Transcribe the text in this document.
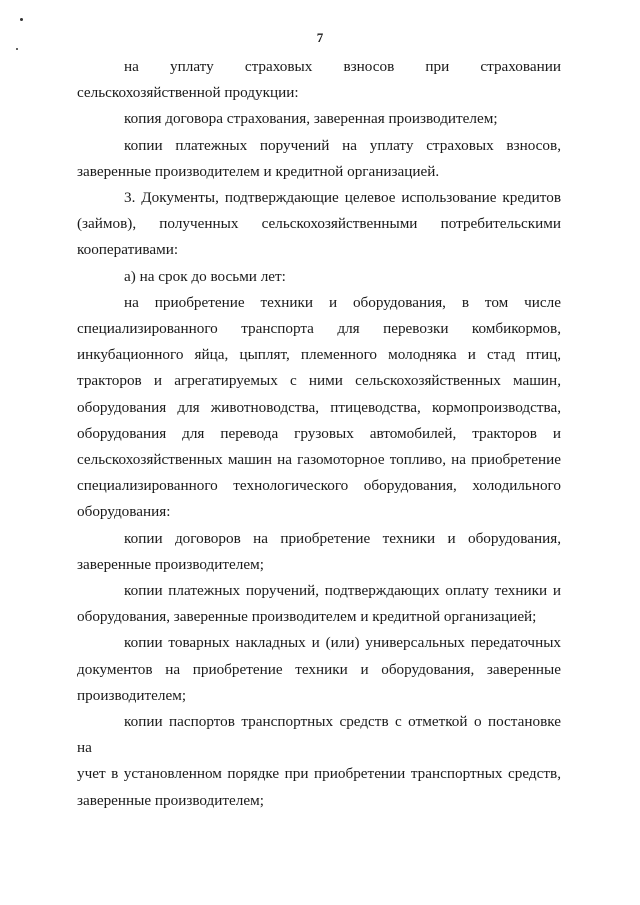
7
на уплату страховых взносов при страховании
сельскохозяйственной продукции:
копия договора страхования, заверенная производителем;
копии платежных поручений на уплату страховых взносов,
заверенные производителем и кредитной организацией.
3. Документы, подтверждающие целевое использование кредитов
(займов), полученных сельскохозяйственными потребительскими
кооперативами:
а) на срок до восьми лет:
на приобретение техники и оборудования, в том числе
специализированного транспорта для перевозки комбикормов,
инкубационного яйца, цыплят, племенного молодняка и стад птиц,
тракторов и агрегатируемых с ними сельскохозяйственных машин,
оборудования для животноводства, птицеводства, кормопроизводства,
оборудования для перевода грузовых автомобилей, тракторов и
сельскохозяйственных машин на газомоторное топливо, на приобретение
специализированного технологического оборудования, холодильного
оборудования:
копии договоров на приобретение техники и оборудования,
заверенные производителем;
копии платежных поручений, подтверждающих оплату техники и
оборудования, заверенные производителем и кредитной организацией;
копии товарных накладных и (или) универсальных передаточных
документов на приобретение техники и оборудования, заверенные
производителем;
копии паспортов транспортных средств с отметкой о постановке на
учет в установленном порядке при приобретении транспортных средств,
заверенные производителем;
